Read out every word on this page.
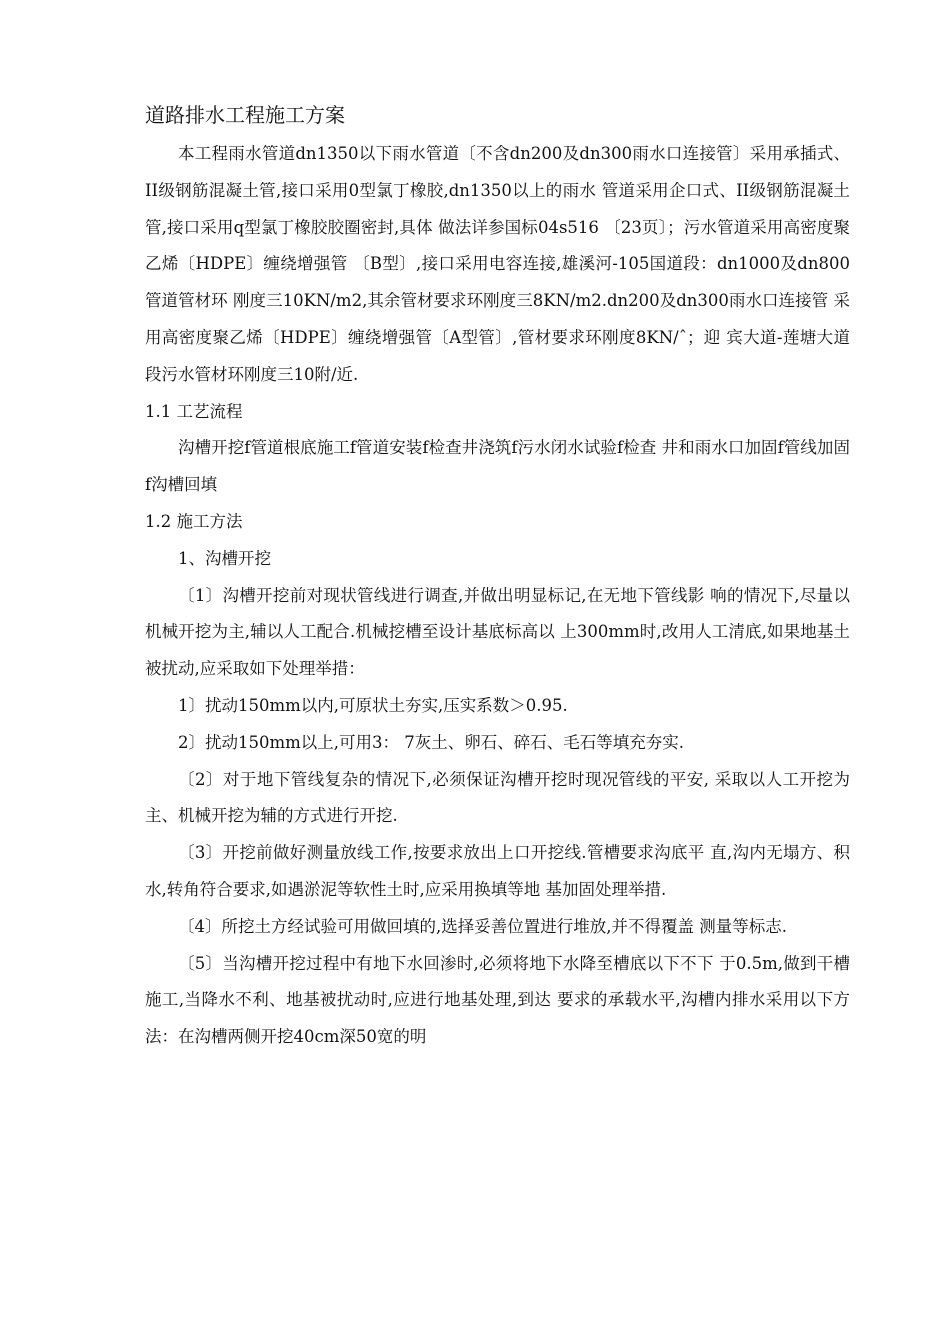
道路排水工程施工方案

本工程雨水管道dn1350以下雨水管道〔不含dn200及dn300雨水口连接管〕采用承插式、II级钢筋混凝土管,接口采用0型氯丁橡胶,dn1350以上的雨水 管道采用企口式、II级钢筋混凝土管,接口采用q型氯丁橡胶胶圈密封,具体 做法详参国标04s516 〔23页〕；污水管道采用高密度聚乙烯〔HDPE〕缠绕增强管 〔B型〕,接口采用电容连接,雄溪河-105国道段：dn1000及dn800管道管材环 刚度三10KN/m2,其余管材要求环刚度三8KN/m2.dn200及dn300雨水口连接管 采用高密度聚乙烯〔HDPE〕缠绕增强管〔A型管〕,管材要求环刚度8KN/ˆ；迎 宾大道-莲塘大道段污水管材环刚度三10附/近.

1.1 工艺流程

沟槽开挖f管道根底施工f管道安装f检查井浇筑f污水闭水试验f检查 井和雨水口加固f管线加固f沟槽回填

1.2 施工方法

1、沟槽开挖

〔1〕沟槽开挖前对现状管线进行调查,并做出明显标记,在无地下管线影 响的情况下,尽量以机械开挖为主,辅以人工配合.机械挖槽至设计基底标高以 上300mm时,改用人工清底,如果地基土被扰动,应采取如下处理举措：

1〕扰动150mm以内,可原状土夯实,压实系数＞0.95.

2〕扰动150mm以上,可用3： 7灰土、卵石、碎石、毛石等填充夯实.

〔2〕对于地下管线复杂的情况下,必须保证沟槽开挖时现况管线的平安, 采取以人工开挖为主、机械开挖为辅的方式进行开挖.

〔3〕开挖前做好测量放线工作,按要求放出上口开挖线.管槽要求沟底平 直,沟内无塌方、积水,转角符合要求,如遇淤泥等软性土时,应采用换填等地 基加固处理举措.

〔4〕所挖土方经试验可用做回填的,选择妥善位置进行堆放,并不得覆盖 测量等标志.

〔5〕当沟槽开挖过程中有地下水回渗时,必须将地下水降至槽底以下不下 于0.5m,做到干槽施工,当降水不利、地基被扰动时,应进行地基处理,到达 要求的承载水平,沟槽内排水采用以下方法：在沟槽两侧开挖40cm深50宽的明
